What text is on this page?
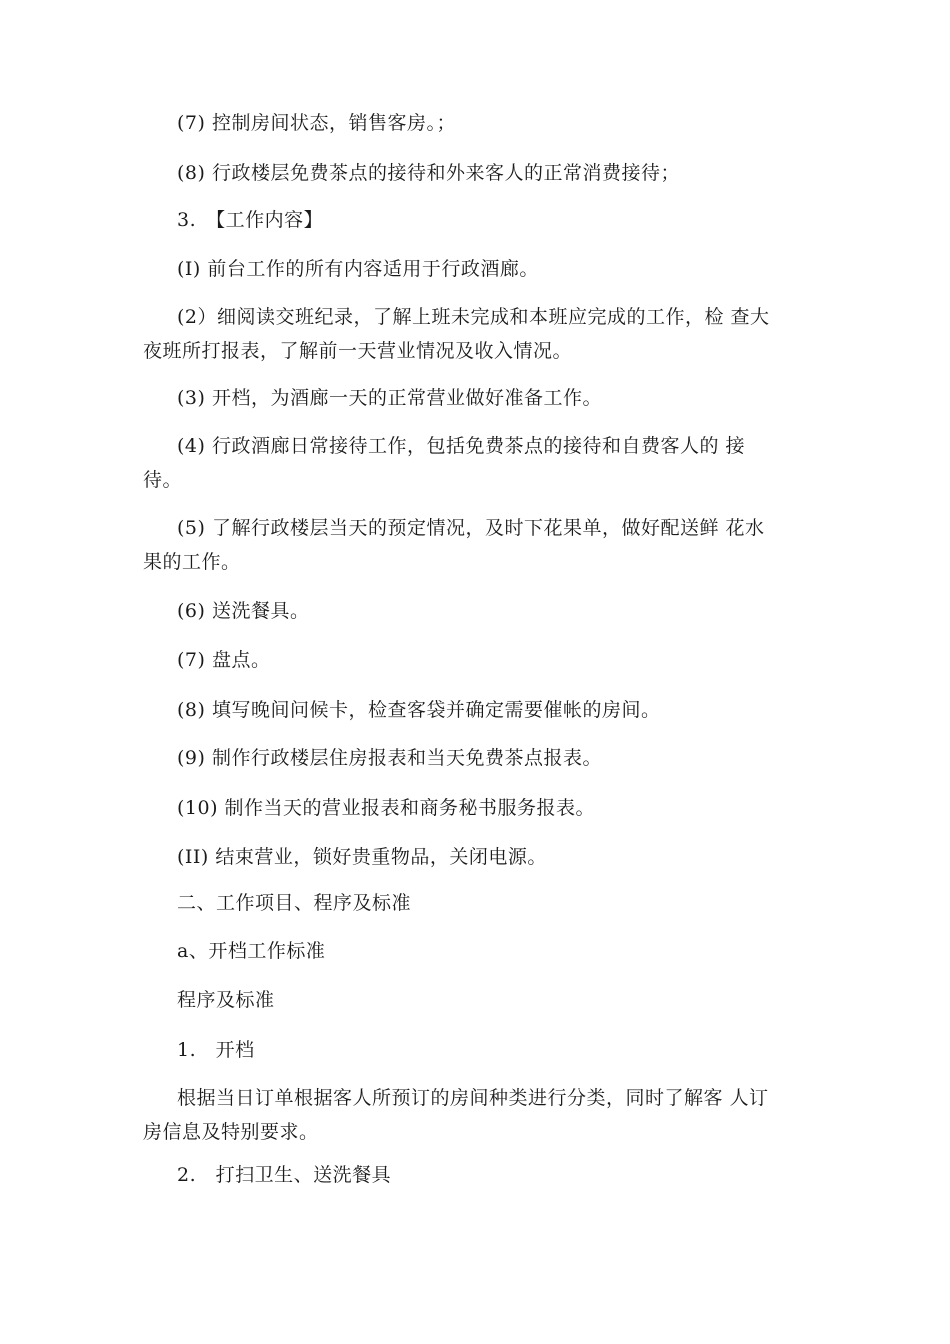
(7) 控制房间状态，销售客房。；
(8) 行政楼层免费茶点的接待和外来客人的正常消费接待；
3.　【工作内容】
(I) 前台工作的所有内容适用于行政酒廊。
(2）细阅读交班纪录，了解上班未完成和本班应完成的工作，检 查大
夜班所打报表，了解前一天营业情况及收入情况。
(3) 开档，为酒廊一天的正常营业做好准备工作。
(4) 行政酒廊日常接待工作，包括免费茶点的接待和自费客人的 接
待。
(5) 了解行政楼层当天的预定情况，及时下花果单，做好配送鲜 花水
果的工作。
(6) 送洗餐具。
(7) 盘点。
(8) 填写晚间问候卡，检查客袋并确定需要催帐的房间。
(9) 制作行政楼层住房报表和当天免费茶点报表。
(10) 制作当天的营业报表和商务秘书服务报表。
(II) 结束营业，锁好贵重物品，关闭电源。
二、工作项目、程序及标准
a、开档工作标准
程序及标准
1.　开档
根据当日订单根据客人所预订的房间种类进行分类，同时了解客 人订
房信息及特别要求。
2.　打扫卫生、送洗餐具
